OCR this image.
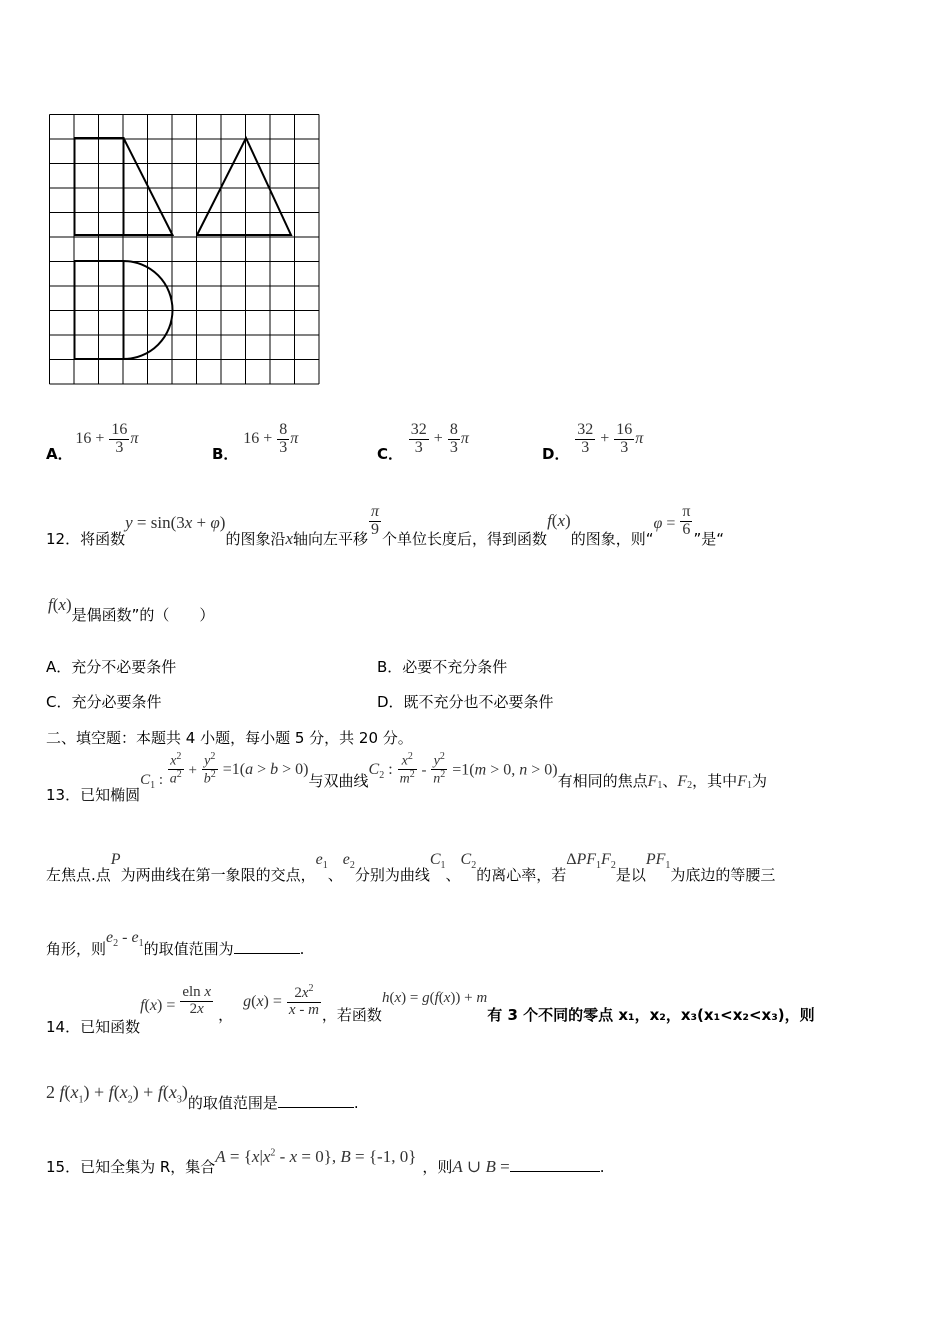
A． $16 + \frac{16}{3}$ π
B． $16 + \frac{8}{3}$ π
C． $\frac{32}{3} + \frac{8}{3}$ π
D． $\frac{32}{3} + \frac{16}{3}$ π
12．将函数y = sin(3x + φ)的图象沿x轴向左平移
$\frac{\pi}{9}$
个单位长度后，得到函数f(x)的图象，则“$\varphi = \frac{\pi}{6}$
”是“
f(x)是偶函数”的（　　）
A．充分不必要条件	B．必要不充分条件
C．充分必要条件	D．既不充分也不必要条件
二、填空题：本题共 4 小题，每小题 5 分，共 20 分。
13．已知椭圆$C_1$ : $\frac{x^2}{a^2} + \frac{y^2}{b^2} =1(a > b > 0)$与双曲线$C_2$ : $\frac{x^2}{m^2} - \frac{y^2}{n^2} =1(m > 0$, n > 0)有相同的焦点$F_1$、$F_2$，其中$F_1$为
左焦点.点P为两曲线在第一象限的交点，$e_1$、$e_2$分别为曲线$C_1$、$C_2$的离心率，若$\Delta PF_1F_2$是以$PF_1$为底边的等腰三
角形，则$e_2 - e_1$的取值范围为	.
14．已知函数$f(x) = \frac{\text{eln x}}{2x}$ ，$g(x) = \frac{2x^2}{x - m}$ ，若函数h(x) = g(f(x)) + m有 3 个不同的零点 x₁，x₂，x₃(x₁<x₂<x₃)，则
2 $f(x_1) + f(x_2) + f(x_3)$的取值范围是	.
15．已知全集为 R，集合$A = \{x|x^2 - x = 0\}$, B = {-1, 0}，则A ∪ B =	.
